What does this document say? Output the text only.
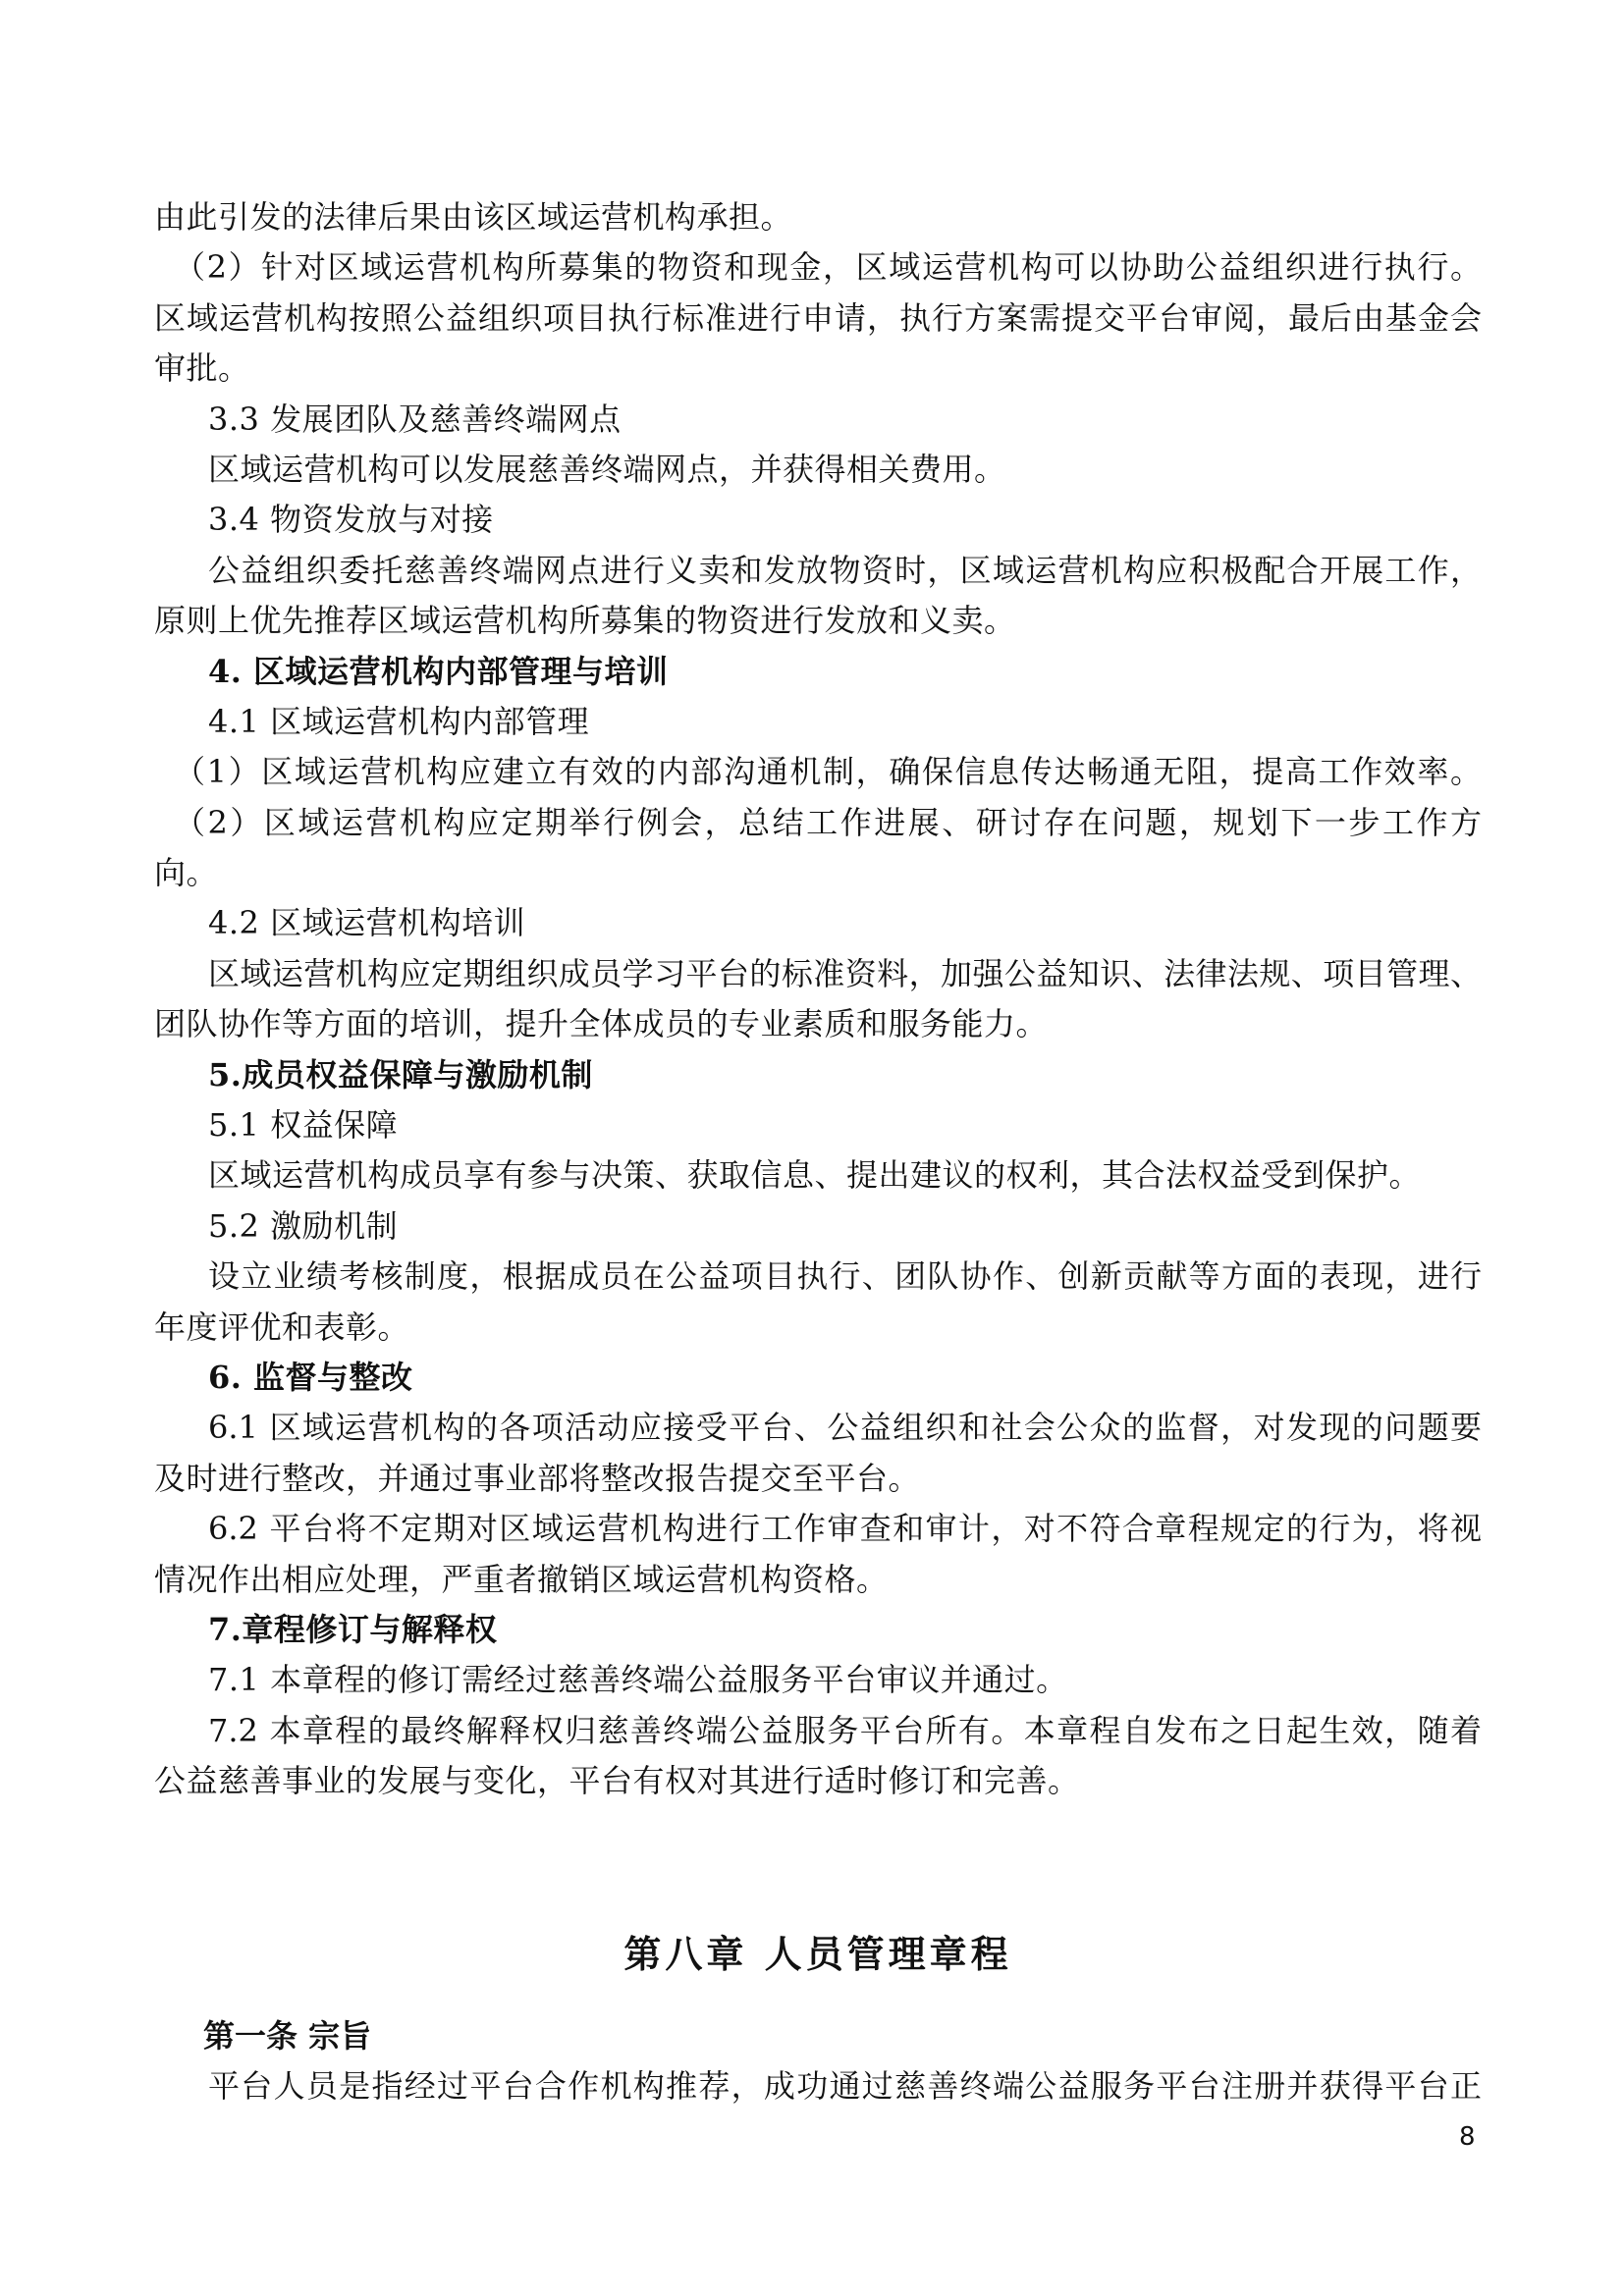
由此引发的法律后果由该区域运营机构承担。
（2）针对区域运营机构所募集的物资和现金，区域运营机构可以协助公益组织进行执行。
区域运营机构按照公益组织项目执行标准进行申请，执行方案需提交平台审阅，最后由基金会
审批。
3.3 发展团队及慈善终端网点
区域运营机构可以发展慈善终端网点，并获得相关费用。
3.4 物资发放与对接
公益组织委托慈善终端网点进行义卖和发放物资时，区域运营机构应积极配合开展工作，
原则上优先推荐区域运营机构所募集的物资进行发放和义卖。
4. 区域运营机构内部管理与培训
4.1 区域运营机构内部管理
（1）区域运营机构应建立有效的内部沟通机制，确保信息传达畅通无阻，提高工作效率。
（2）区域运营机构应定期举行例会，总结工作进展、研讨存在问题，规划下一步工作方
向。
4.2 区域运营机构培训
区域运营机构应定期组织成员学习平台的标准资料，加强公益知识、法律法规、项目管理、
团队协作等方面的培训，提升全体成员的专业素质和服务能力。
5.成员权益保障与激励机制
5.1 权益保障
区域运营机构成员享有参与决策、获取信息、提出建议的权利，其合法权益受到保护。
5.2 激励机制
设立业绩考核制度，根据成员在公益项目执行、团队协作、创新贡献等方面的表现，进行
年度评优和表彰。
6. 监督与整改
6.1 区域运营机构的各项活动应接受平台、公益组织和社会公众的监督，对发现的问题要
及时进行整改，并通过事业部将整改报告提交至平台。
6.2 平台将不定期对区域运营机构进行工作审查和审计，对不符合章程规定的行为，将视
情况作出相应处理，严重者撤销区域运营机构资格。
7.章程修订与解释权
7.1 本章程的修订需经过慈善终端公益服务平台审议并通过。
7.2 本章程的最终解释权归慈善终端公益服务平台所有。本章程自发布之日起生效，随着
公益慈善事业的发展与变化，平台有权对其进行适时修订和完善。
第八章 人员管理章程
第一条 宗旨
平台人员是指经过平台合作机构推荐，成功通过慈善终端公益服务平台注册并获得平台正
8
